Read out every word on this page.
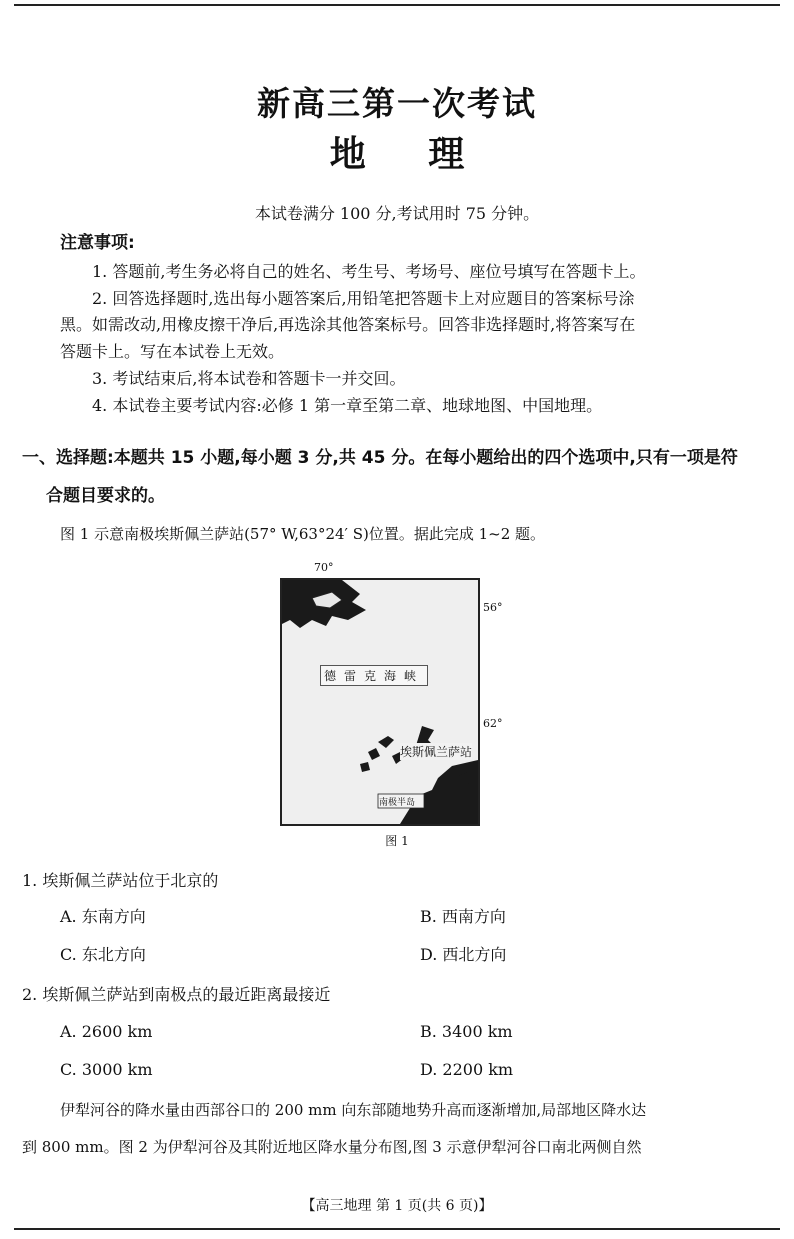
新高三第一次考试
地 理
本试卷满分 100 分,考试用时 75 分钟。
注意事项:
1. 答题前,考生务必将自己的姓名、考生号、考场号、座位号填写在答题卡上。
2. 回答选择题时,选出每小题答案后,用铅笔把答题卡上对应题目的答案标号涂
黑。如需改动,用橡皮擦干净后,再选涂其他答案标号。回答非选择题时,将答案写在
答题卡上。写在本试卷上无效。
3. 考试结束后,将本试卷和答题卡一并交回。
4. 本试卷主要考试内容:必修 1 第一章至第二章、地球地图、中国地理。
一、选择题:本题共 15 小题,每小题 3 分,共 45 分。在每小题给出的四个选项中,只有一项是符
合题目要求的。
图 1 示意南极埃斯佩兰萨站(57° W,63°24′ S)位置。据此完成 1~2 题。
70°
56°
62°
德雷克海峡
埃斯佩兰萨站
南极半岛
图 1
1. 埃斯佩兰萨站位于北京的
A. 东南方向	B. 西南方向
C. 东北方向	D. 西北方向
2. 埃斯佩兰萨站到南极点的最近距离最接近
A. 2600 km	B. 3400 km
C. 3000 km	D. 2200 km
伊犁河谷的降水量由西部谷口的 200 mm 向东部随地势升高而逐渐增加,局部地区降水达
到 800 mm。图 2 为伊犁河谷及其附近地区降水量分布图,图 3 示意伊犁河谷口南北两侧自然
【高三地理 第 1 页(共 6 页)】
